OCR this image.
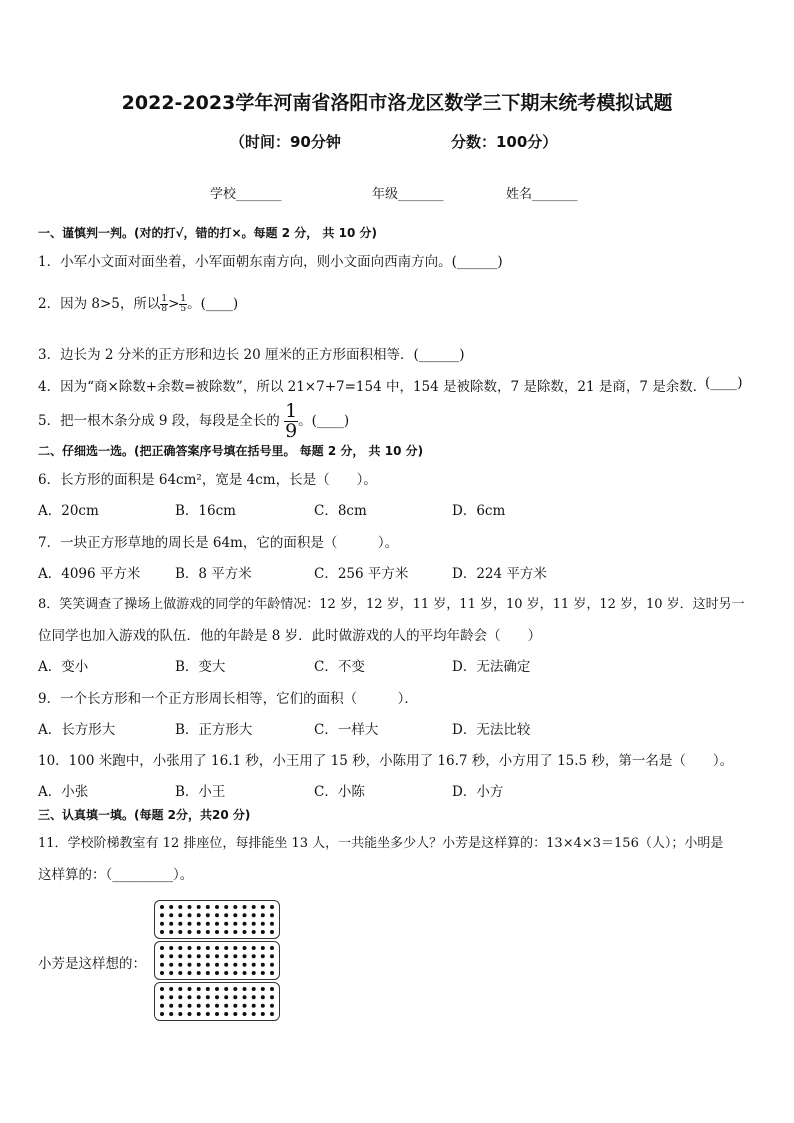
2022-2023学年河南省洛阳市洛龙区数学三下期末统考模拟试题
（时间：90分钟	分数：100分）
学校_______	年级_______	姓名_______
一、谨慎判一判。(对的打√，错的打×。每题 2 分， 共 10 分)
1．小军小文面对面坐着，小军面朝东南方向，则小文面向西南方向。(______)
2．因为 8>5，所以 $\frac{1}{8} > \frac{1}{5}$ 。(____)
3．边长为 2 分米的正方形和边长 20 厘米的正方形面积相等．(______)
4．因为“商×除数+余数=被除数”，所以 21×7+7=154 中，154 是被除数，7 是除数，21 是商，7 是余数．
(____)
5．把一根木条分成 9 段，每段是全长的 $\frac{1}{9}$ 。(____)
二、仔细选一选。(把正确答案序号填在括号里。 每题 2 分， 共 10 分)
6．长方形的面积是 64cm²，宽是 4cm，长是（　　）。
A．20cm	B．16cm	C．8cm	D．6cm
7．一块正方形草地的周长是 64m，它的面积是（　　　）。
A．4096 平方米	B．8 平方米	C．256 平方米	D．224 平方米
8．笑笑调查了操场上做游戏的同学的年龄情况：12 岁，12 岁，11 岁，11 岁，10 岁，11 岁，12 岁，10 岁．这时另一
位同学也加入游戏的队伍．他的年龄是 8 岁．此时做游戏的人的平均年龄会（　　）
A．变小	B．变大	C．不变	D．无法确定
9．一个长方形和一个正方形周长相等，它们的面积（　　　）．
A．长方形大	B．正方形大	C．一样大	D．无法比较
10．100 米跑中，小张用了 16.1 秒，小王用了 15 秒，小陈用了 16.7 秒，小方用了 15.5 秒，第一名是（　　）。
A．小张	B．小王	C．小陈	D．小方
三、认真填一填。(每题 2分，共20 分)
11．学校阶梯教室有 12 排座位，每排能坐 13 人，一共能坐多少人？小芳是这样算的：13×4×3＝156（人）；小明是
这样算的：（_________）。
小芳是这样想的：
